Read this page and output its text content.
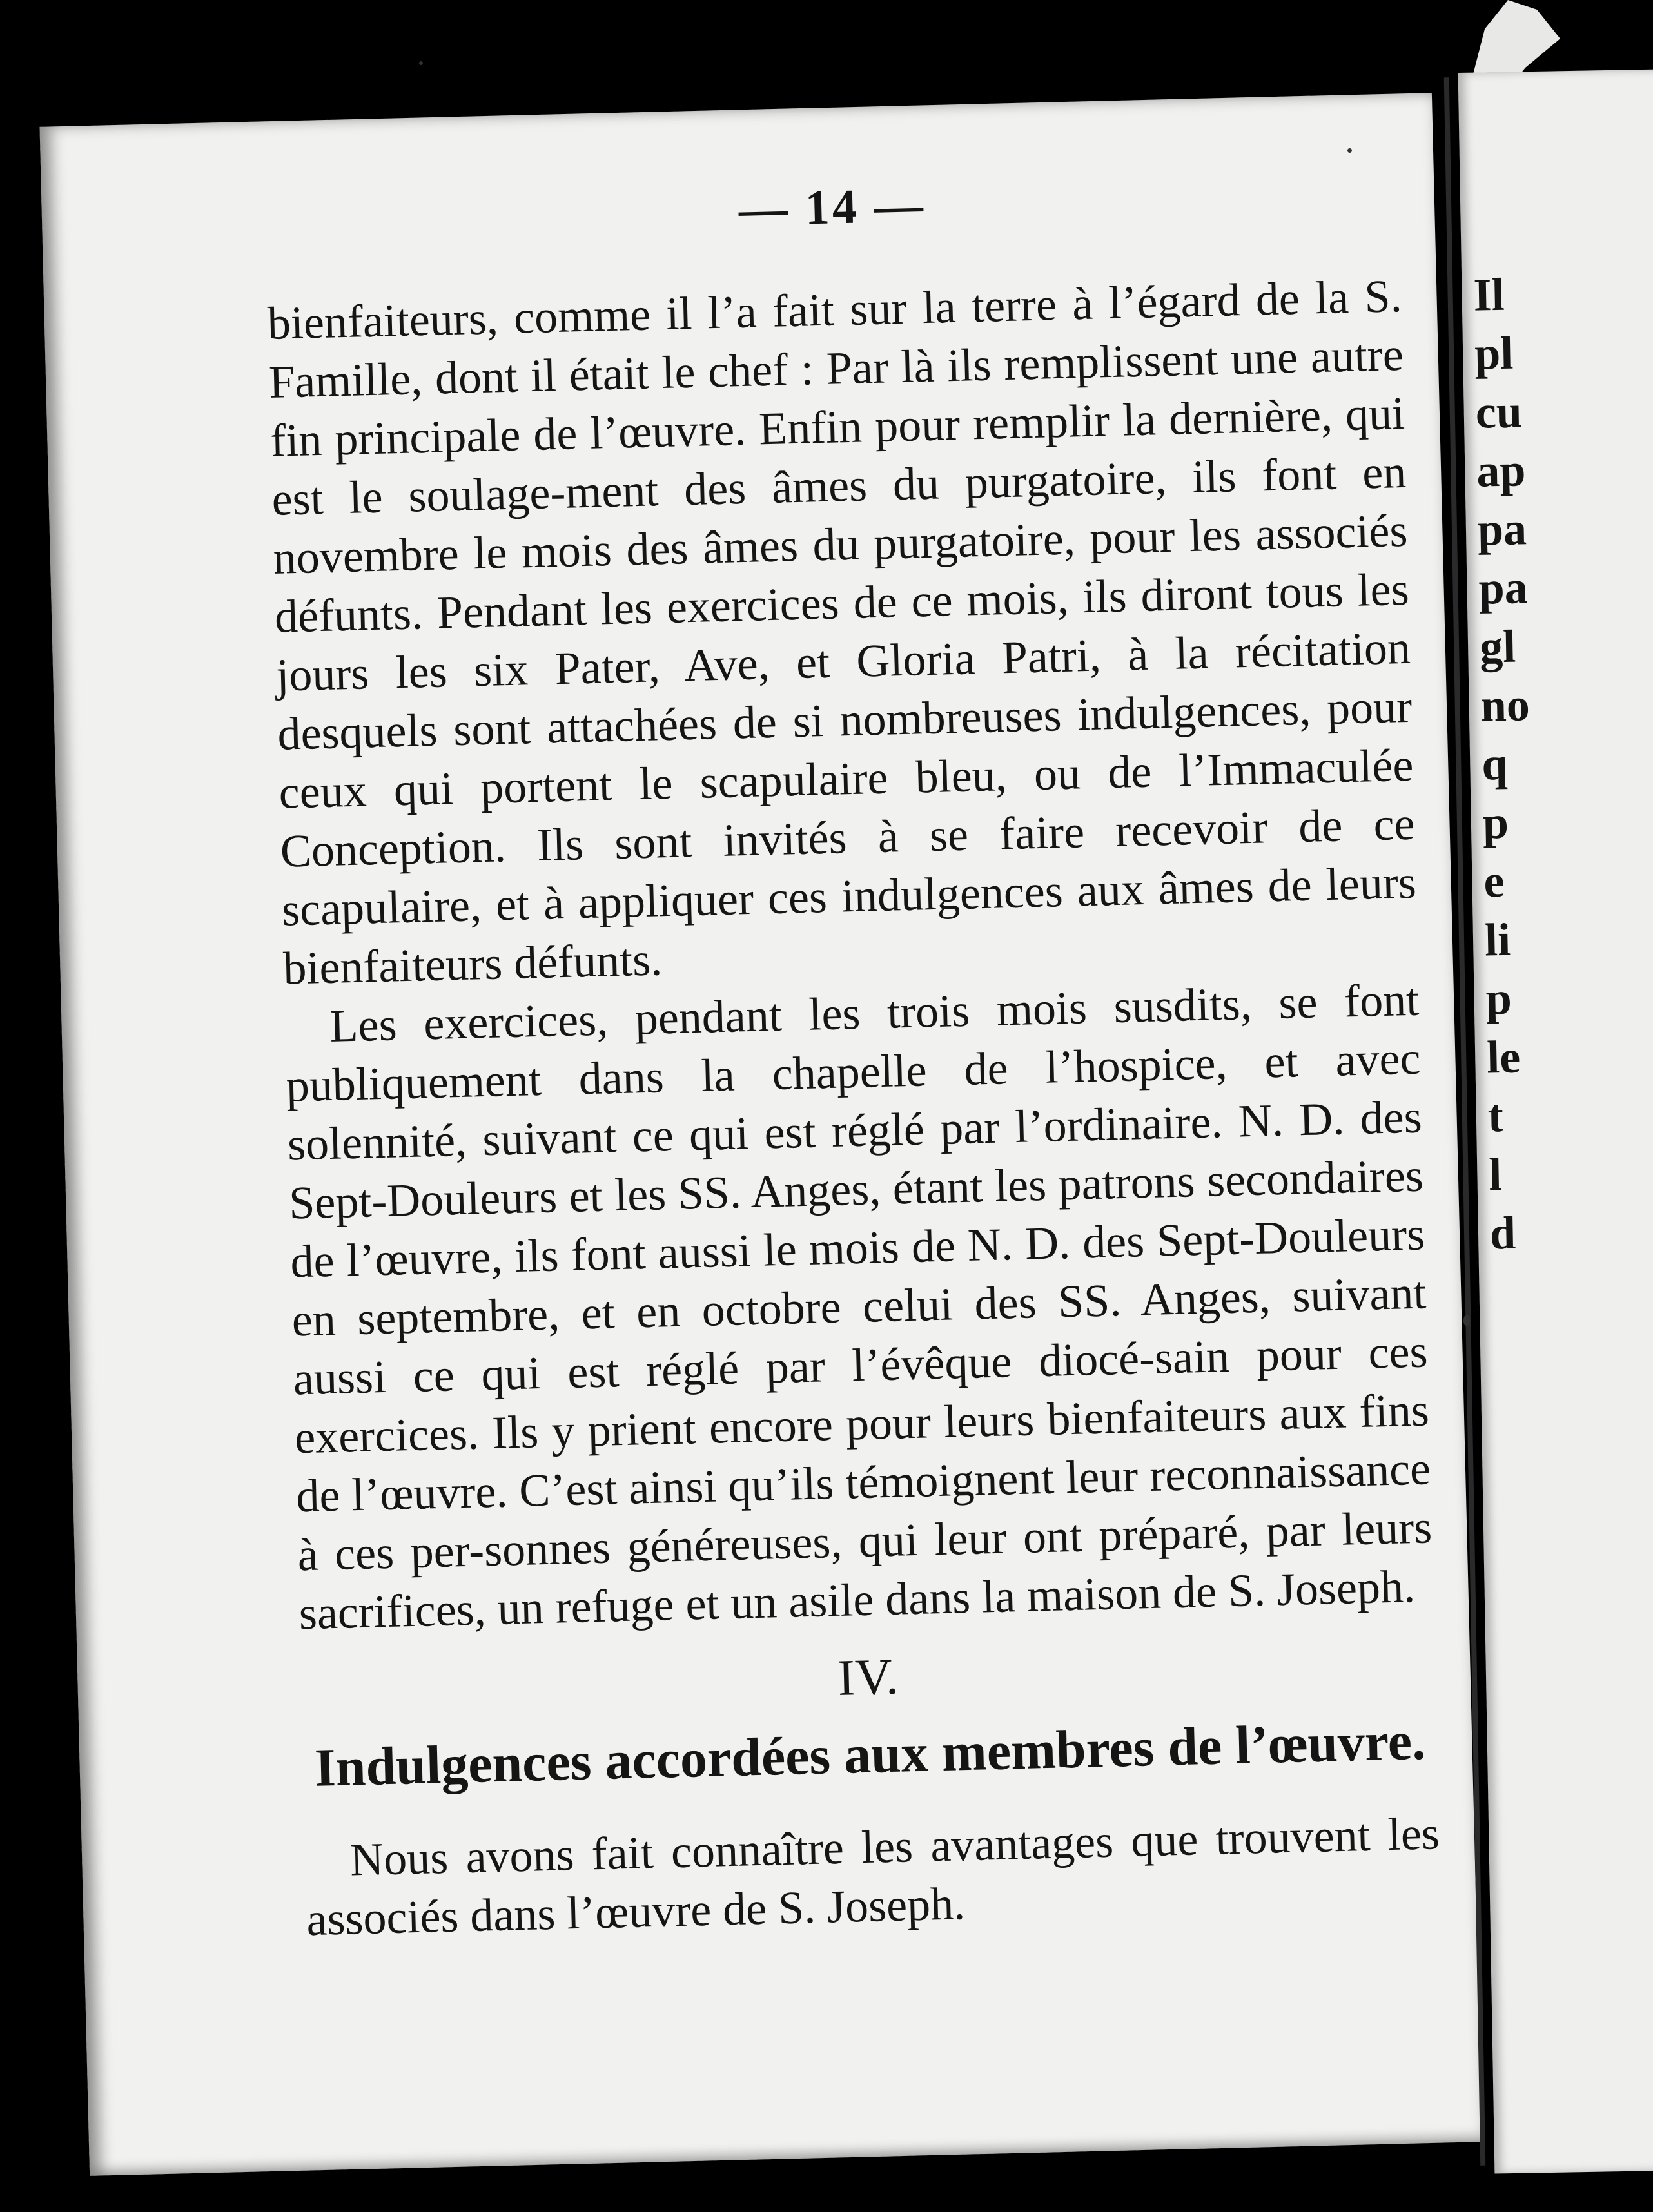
Il
pl
cu
ap
pa
pa
gl
no
q
p
e
li
p
le
t
l
d
— 14 —

bienfaiteurs, comme il l’a fait sur la terre à l’égard de la S. Famille, dont il était le chef : Par là ils remplissent une autre fin principale de l’œuvre. Enfin pour remplir la dernière, qui est le soulage-ment des âmes du purgatoire, ils font en novembre le mois des âmes du purgatoire, pour les associés défunts. Pendant les exercices de ce mois, ils diront tous les jours les six Pater, Ave, et Gloria Patri, à la récitation desquels sont attachées de si nombreuses indulgences, pour ceux qui portent le scapulaire bleu, ou de l’Immaculée Conception. Ils sont invités à se faire recevoir de ce scapulaire, et à appliquer ces indulgences aux âmes de leurs bienfaiteurs défunts.

Les exercices, pendant les trois mois susdits, se font publiquement dans la chapelle de l’hospice, et avec solennité, suivant ce qui est réglé par l’ordinaire. N. D. des Sept-Douleurs et les SS. Anges, étant les patrons secondaires de l’œuvre, ils font aussi le mois de N. D. des Sept-Douleurs en septembre, et en octobre celui des SS. Anges, suivant aussi ce qui est réglé par l’évêque diocé-sain pour ces exercices. Ils y prient encore pour leurs bienfaiteurs aux fins de l’œuvre. C’est ainsi qu’ils témoignent leur reconnaissance à ces per-sonnes généreuses, qui leur ont préparé, par leurs sacrifices, un refuge et un asile dans la maison de S. Joseph.

IV.
Indulgences accordées aux membres de l’œuvre.

Nous avons fait connaître les avantages que trouvent les associés dans l’œuvre de S. Joseph.
